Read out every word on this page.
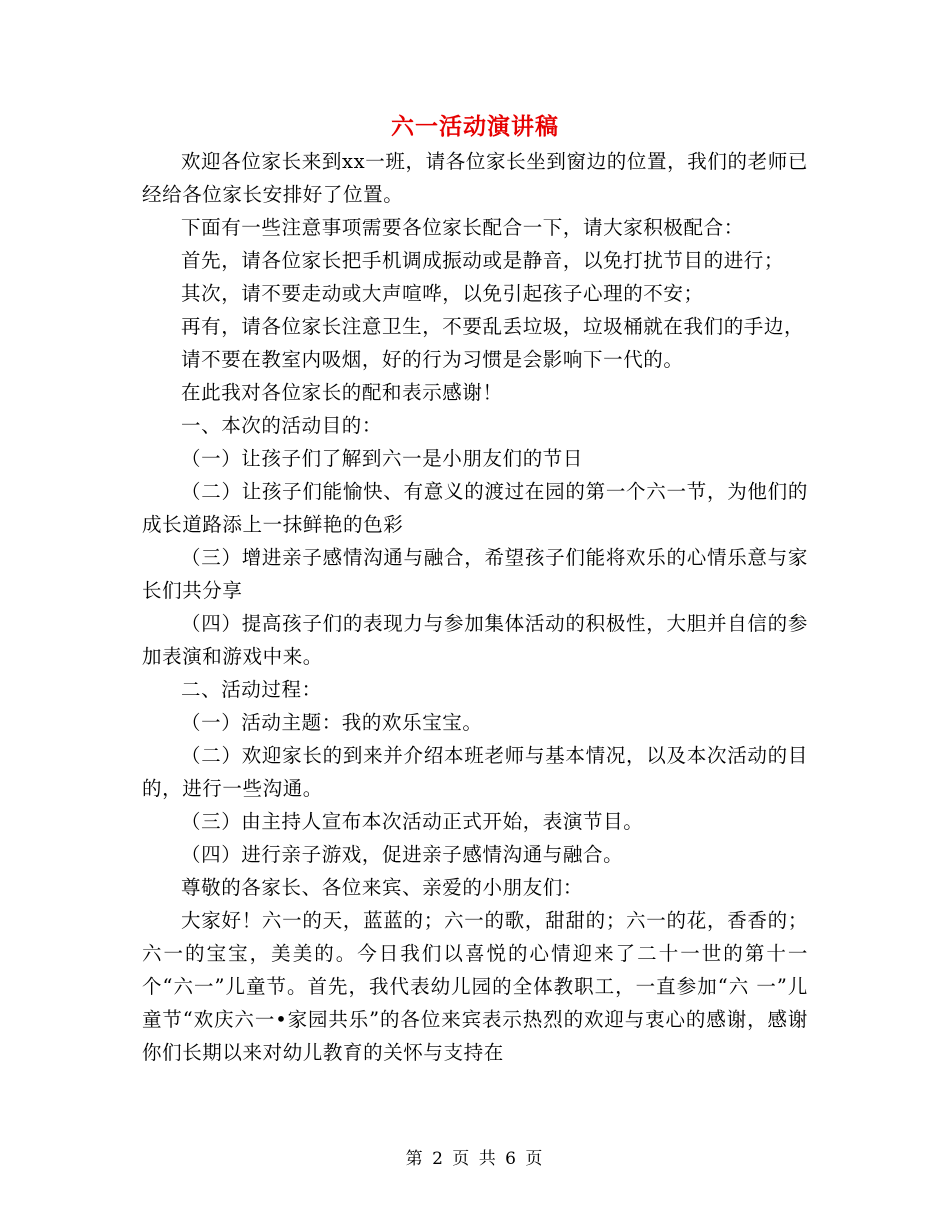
六一活动演讲稿

欢迎各位家长来到xx一班，请各位家长坐到窗边的位置，我们的老师已经给各位家长安排好了位置。

下面有一些注意事项需要各位家长配合一下，请大家积极配合：

首先，请各位家长把手机调成振动或是静音，以免打扰节目的进行；

其次，请不要走动或大声喧哗，以免引起孩子心理的不安；

再有，请各位家长注意卫生，不要乱丢垃圾，垃圾桶就在我们的手边，

请不要在教室内吸烟，好的行为习惯是会影响下一代的。

在此我对各位家长的配和表示感谢！

一、本次的活动目的：

（一）让孩子们了解到六一是小朋友们的节日

（二）让孩子们能愉快、有意义的渡过在园的第一个六一节，为他们的成长道路添上一抹鲜艳的色彩

（三）增进亲子感情沟通与融合，希望孩子们能将欢乐的心情乐意与家长们共分享

（四）提高孩子们的表现力与参加集体活动的积极性，大胆并自信的参加表演和游戏中来。

二、活动过程：

（一）活动主题：我的欢乐宝宝。

（二）欢迎家长的到来并介绍本班老师与基本情况，以及本次活动的目的，进行一些沟通。

（三）由主持人宣布本次活动正式开始，表演节目。

（四）进行亲子游戏，促进亲子感情沟通与融合。

尊敬的各家长、各位来宾、亲爱的小朋友们：

大家好！六一的天，蓝蓝的；六一的歌，甜甜的；六一的花，香香的；六一的宝宝，美美的。今日我们以喜悦的心情迎来了二十一世的第十一个“六一”儿童节。首先，我代表幼儿园的全体教职工，一直参加“六 一”儿童节“欢庆六一•家园共乐”的各位来宾表示热烈的欢迎与衷心的感谢，感谢你们长期以来对幼儿教育的关怀与支持在

第 2 页 共 6 页
